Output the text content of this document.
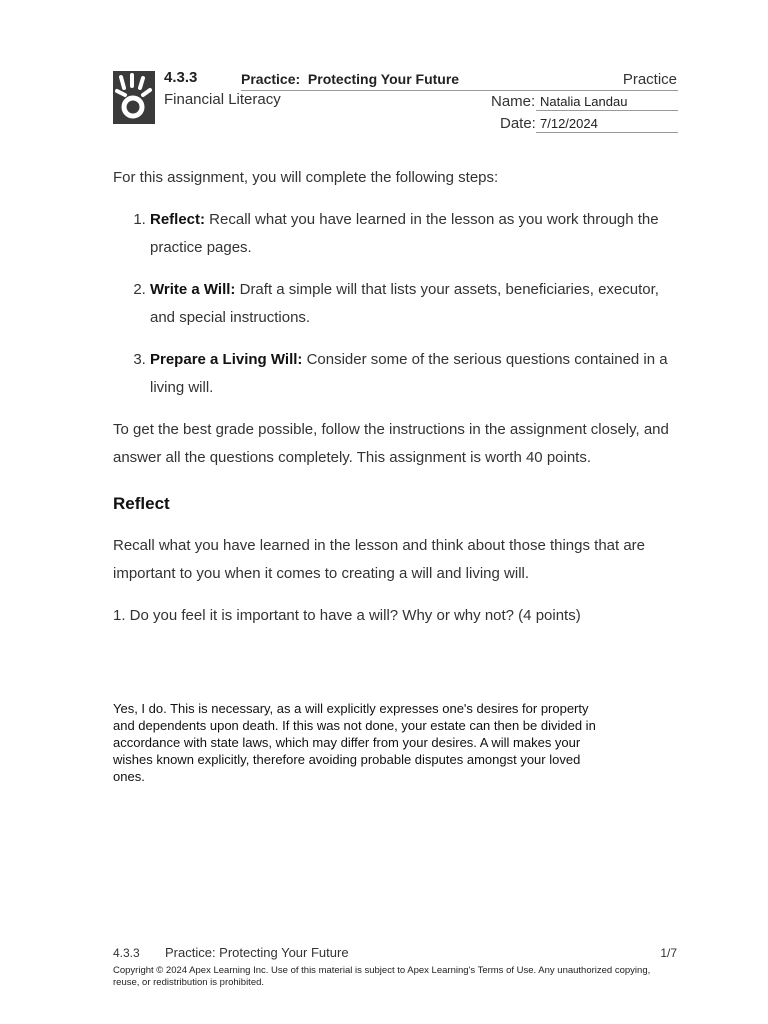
4.3.3	Practice:  Protecting Your Future	Practice
Financial Literacy	Name: Natalia Landau
Date: 7/12/2024

For this assignment, you will complete the following steps:

1. Reflect: Recall what you have learned in the lesson as you work through the practice pages.
2. Write a Will: Draft a simple will that lists your assets, beneficiaries, executor, and special instructions.
3. Prepare a Living Will: Consider some of the serious questions contained in a living will.

To get the best grade possible, follow the instructions in the assignment closely, and answer all the questions completely. This assignment is worth 40 points.

Reflect

Recall what you have learned in the lesson and think about those things that are important to you when it comes to creating a will and living will.

1. Do you feel it is important to have a will? Why or why not? (4 points)

Yes, I do. This is necessary, as a will explicitly expresses one's desires for property and dependents upon death. If this was not done, your estate can then be divided in accordance with state laws, which may differ from your desires. A will makes your wishes known explicitly, therefore avoiding probable disputes amongst your loved ones.
4.3.3 Practice: Protecting Your Future	1/7
Copyright © 2024 Apex Learning Inc. Use of this material is subject to Apex Learning's Terms of Use. Any unauthorized copying, reuse, or redistribution is prohibited.
